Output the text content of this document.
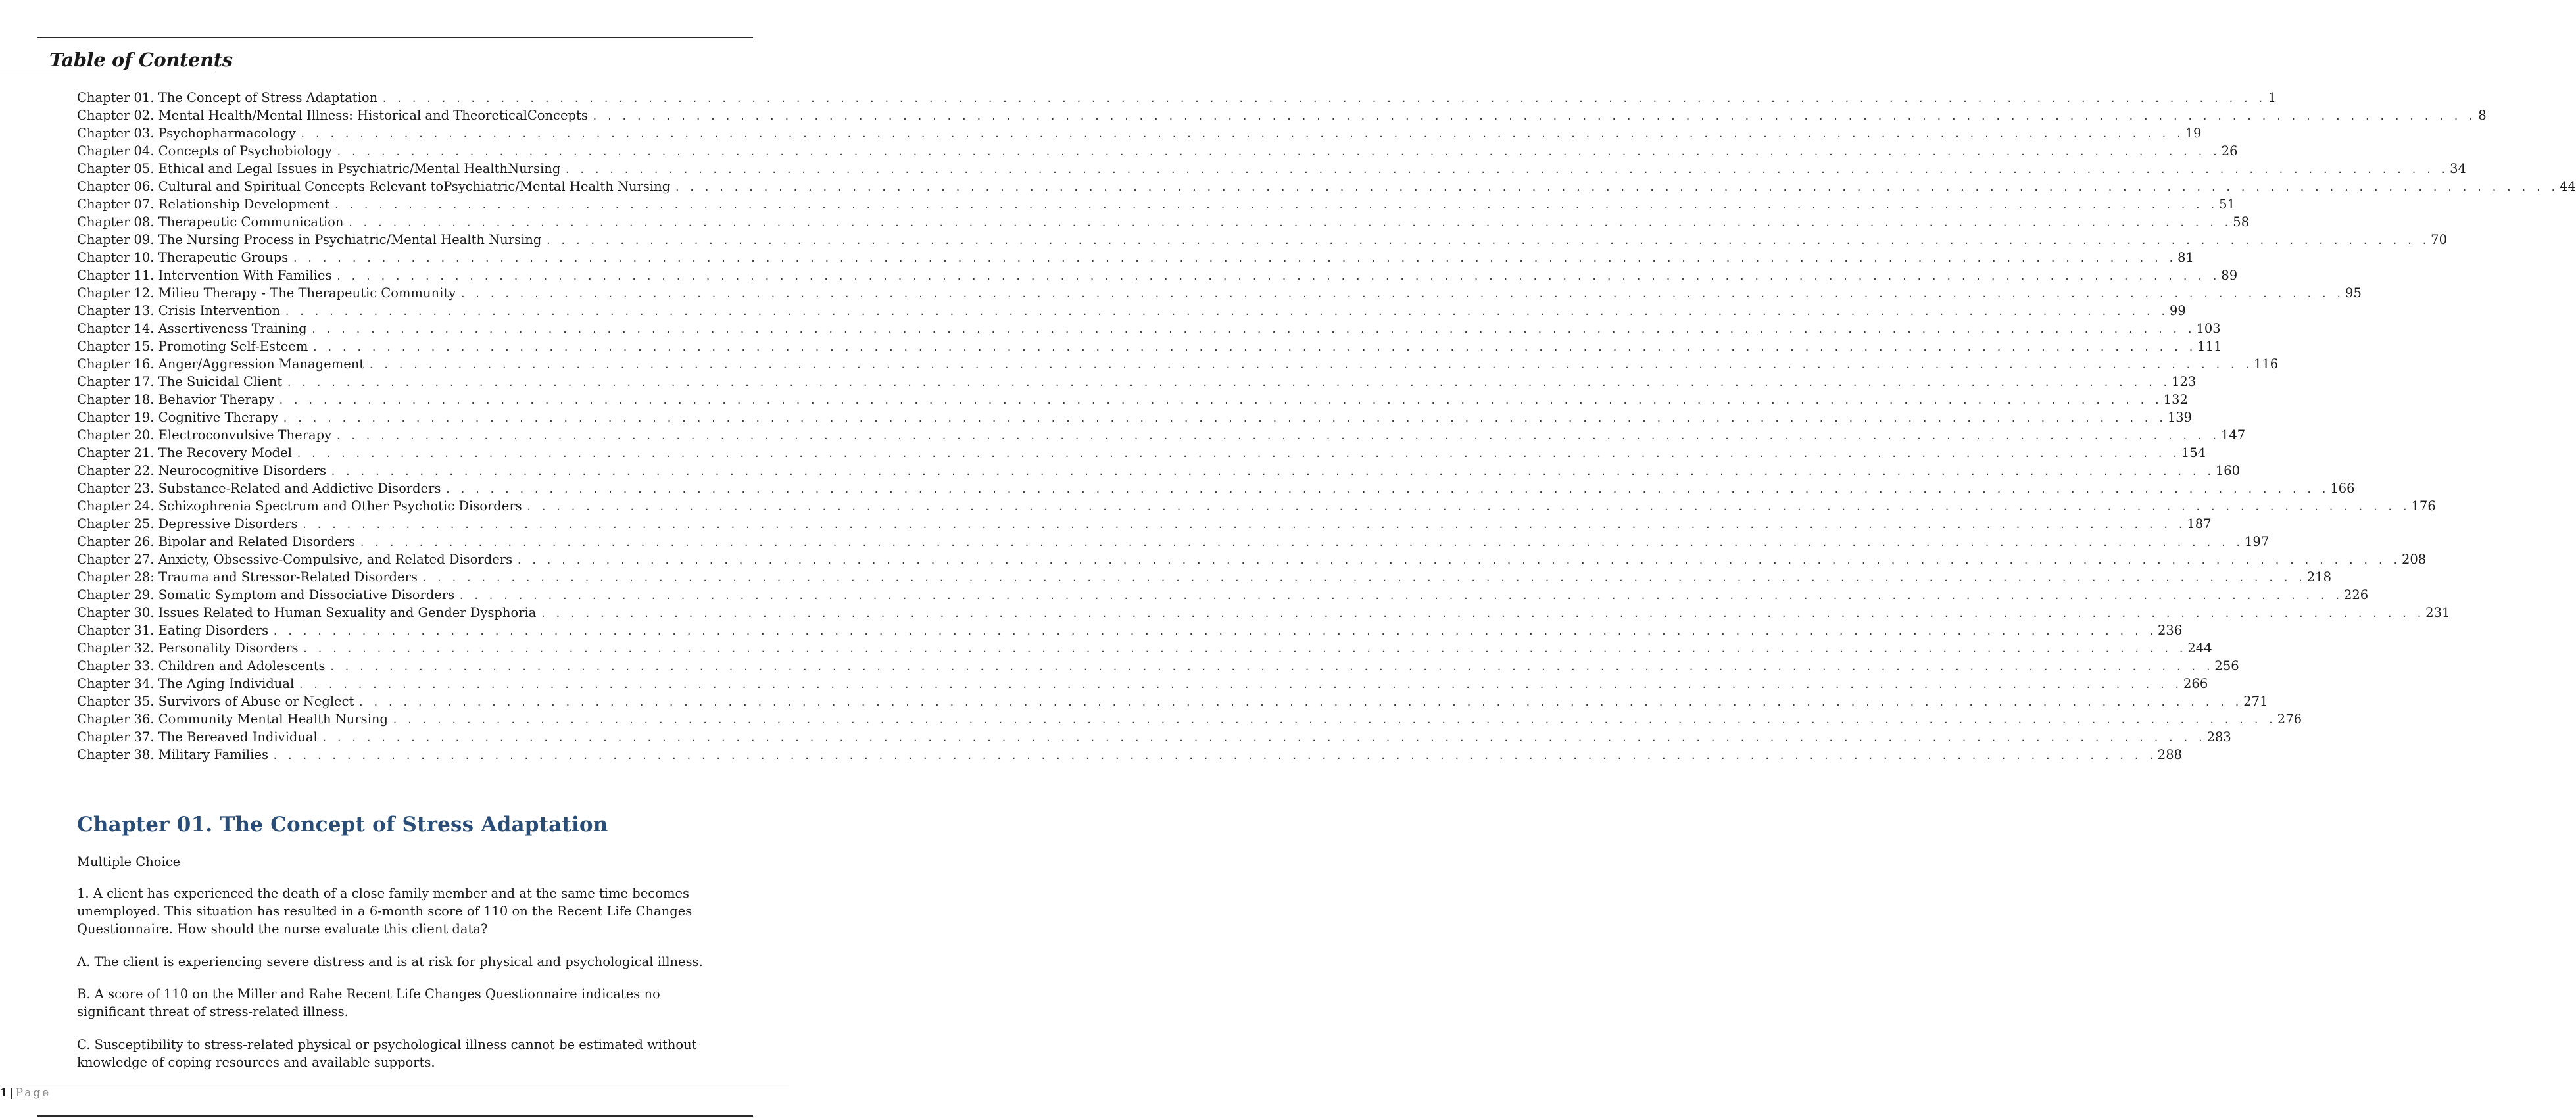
Table of Contents
Chapter 01. The Concept of Stress Adaptation . . .	1
Chapter 02. Mental Health/Mental Illness: Historical and TheoreticalConcepts . . .	8
Chapter 03. Psychopharmacology . . .	19
Chapter 04. Concepts of Psychobiology . . .	26
Chapter 05. Ethical and Legal Issues in Psychiatric/Mental HealthNursing . . .	34
Chapter 06. Cultural and Spiritual Concepts Relevant toPsychiatric/Mental Health Nursing . . .	44
Chapter 07. Relationship Development . . .	51
Chapter 08. Therapeutic Communication . . .	58
Chapter 09. The Nursing Process in Psychiatric/Mental Health Nursing . . .	70
Chapter 10. Therapeutic Groups . . .	81
Chapter 11. Intervention With Families . . .	89
Chapter 12. Milieu Therapy - The Therapeutic Community . . .	95
Chapter 13. Crisis Intervention . . .	99
Chapter 14. Assertiveness Training . . .	103
Chapter 15. Promoting Self-Esteem . . .	111
Chapter 16. Anger/Aggression Management . . .	116
Chapter 17. The Suicidal Client . . .	123
Chapter 18. Behavior Therapy . . .	132
Chapter 19. Cognitive Therapy . . .	139
Chapter 20. Electroconvulsive Therapy . . .	147
Chapter 21. The Recovery Model . . .	154
Chapter 22. Neurocognitive Disorders . . .	160
Chapter 23. Substance-Related and Addictive Disorders . . .	166
Chapter 24. Schizophrenia Spectrum and Other Psychotic Disorders . . .	176
Chapter 25. Depressive Disorders . . .	187
Chapter 26. Bipolar and Related Disorders . . .	197
Chapter 27. Anxiety, Obsessive-Compulsive, and Related Disorders . . .	208
Chapter 28: Trauma and Stressor-Related Disorders . . .	218
Chapter 29. Somatic Symptom and Dissociative Disorders . . .	226
Chapter 30. Issues Related to Human Sexuality and Gender Dysphoria . . .	231
Chapter 31. Eating Disorders . . .	236
Chapter 32. Personality Disorders . . .	244
Chapter 33. Children and Adolescents . . .	256
Chapter 34. The Aging Individual . . .	266
Chapter 35. Survivors of Abuse or Neglect . . .	271
Chapter 36. Community Mental Health Nursing . . .	276
Chapter 37. The Bereaved Individual . . .	283
Chapter 38. Military Families . . .	288
Chapter 01. The Concept of Stress Adaptation

Multiple Choice

1. A client has experienced the death of a close family member and at the same time becomes unemployed. This situation has resulted in a 6-month score of 110 on the Recent Life Changes Questionnaire. How should the nurse evaluate this client data?

A. The client is experiencing severe distress and is at risk for physical and psychological illness.

B. A score of 110 on the Miller and Rahe Recent Life Changes Questionnaire indicates no significant threat of stress-related illness.

C. Susceptibility to stress-related physical or psychological illness cannot be estimated without knowledge of coping resources and available supports.

1 | Page
